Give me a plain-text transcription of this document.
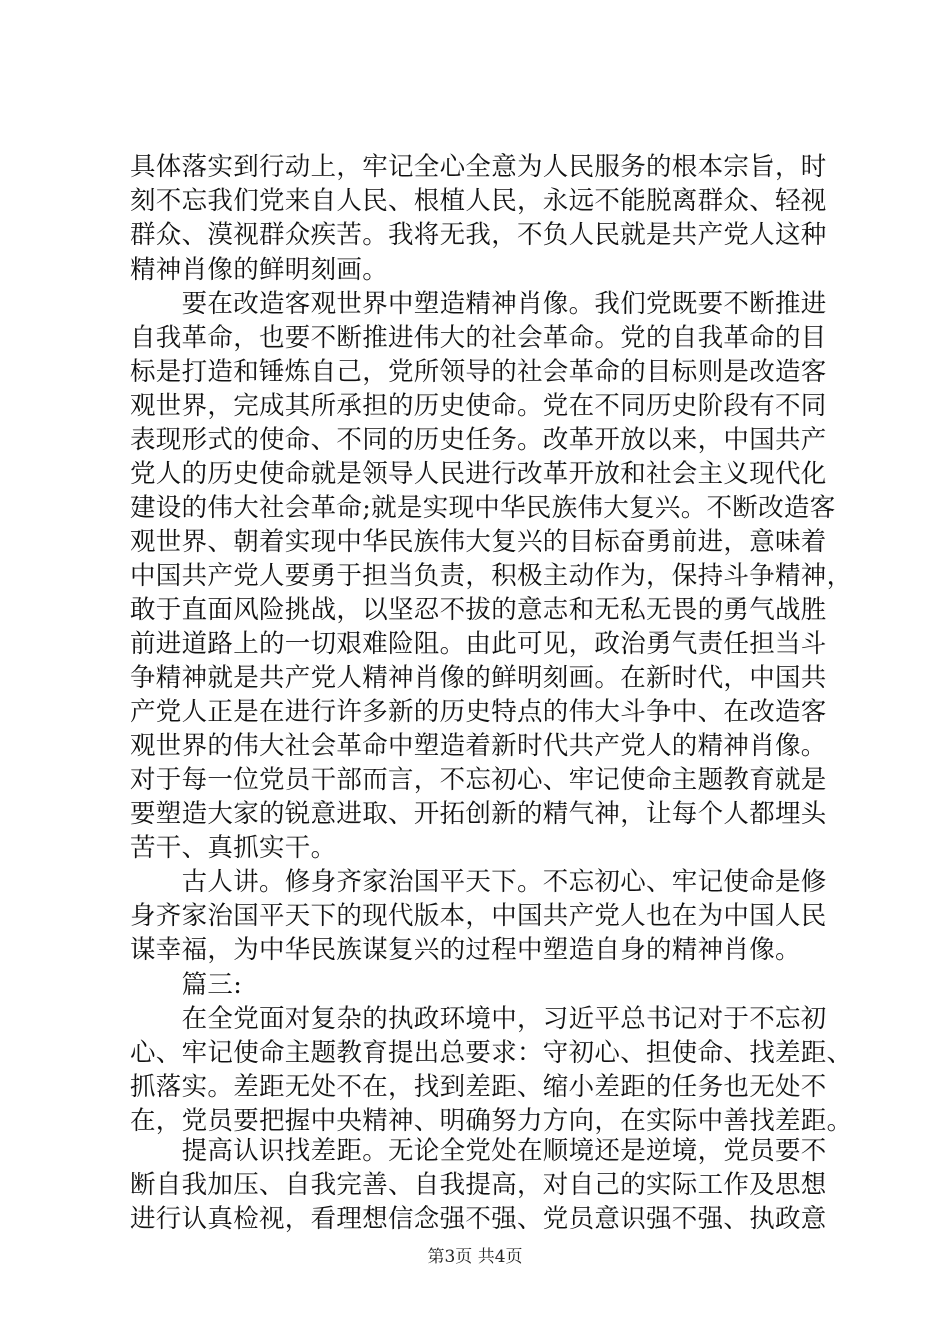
具体落实到行动上，牢记全心全意为人民服务的根本宗旨，时
刻不忘我们党来自人民、根植人民，永远不能脱离群众、轻视
群众、漠视群众疾苦。我将无我，不负人民就是共产党人这种
精神肖像的鲜明刻画。
　　要在改造客观世界中塑造精神肖像。我们党既要不断推进
自我革命，也要不断推进伟大的社会革命。党的自我革命的目
标是打造和锤炼自己，党所领导的社会革命的目标则是改造客
观世界，完成其所承担的历史使命。党在不同历史阶段有不同
表现形式的使命、不同的历史任务。改革开放以来，中国共产
党人的历史使命就是领导人民进行改革开放和社会主义现代化
建设的伟大社会革命;就是实现中华民族伟大复兴。不断改造客
观世界、朝着实现中华民族伟大复兴的目标奋勇前进，意味着
中国共产党人要勇于担当负责，积极主动作为，保持斗争精神，
敢于直面风险挑战，以坚忍不拔的意志和无私无畏的勇气战胜
前进道路上的一切艰难险阻。由此可见，政治勇气责任担当斗
争精神就是共产党人精神肖像的鲜明刻画。在新时代，中国共
产党人正是在进行许多新的历史特点的伟大斗争中、在改造客
观世界的伟大社会革命中塑造着新时代共产党人的精神肖像。
对于每一位党员干部而言，不忘初心、牢记使命主题教育就是
要塑造大家的锐意进取、开拓创新的精气神，让每个人都埋头
苦干、真抓实干。
　　古人讲。修身齐家治国平天下。不忘初心、牢记使命是修
身齐家治国平天下的现代版本，中国共产党人也在为中国人民
谋幸福，为中华民族谋复兴的过程中塑造自身的精神肖像。
　　篇三:
　　在全党面对复杂的执政环境中，习近平总书记对于不忘初
心、牢记使命主题教育提出总要求：守初心、担使命、找差距、
抓落实。差距无处不在，找到差距、缩小差距的任务也无处不
在，党员要把握中央精神、明确努力方向，在实际中善找差距。
　　提高认识找差距。无论全党处在顺境还是逆境，党员要不
断自我加压、自我完善、自我提高，对自己的实际工作及思想
进行认真检视，看理想信念强不强、党员意识强不强、执政意
第3页 共4页
